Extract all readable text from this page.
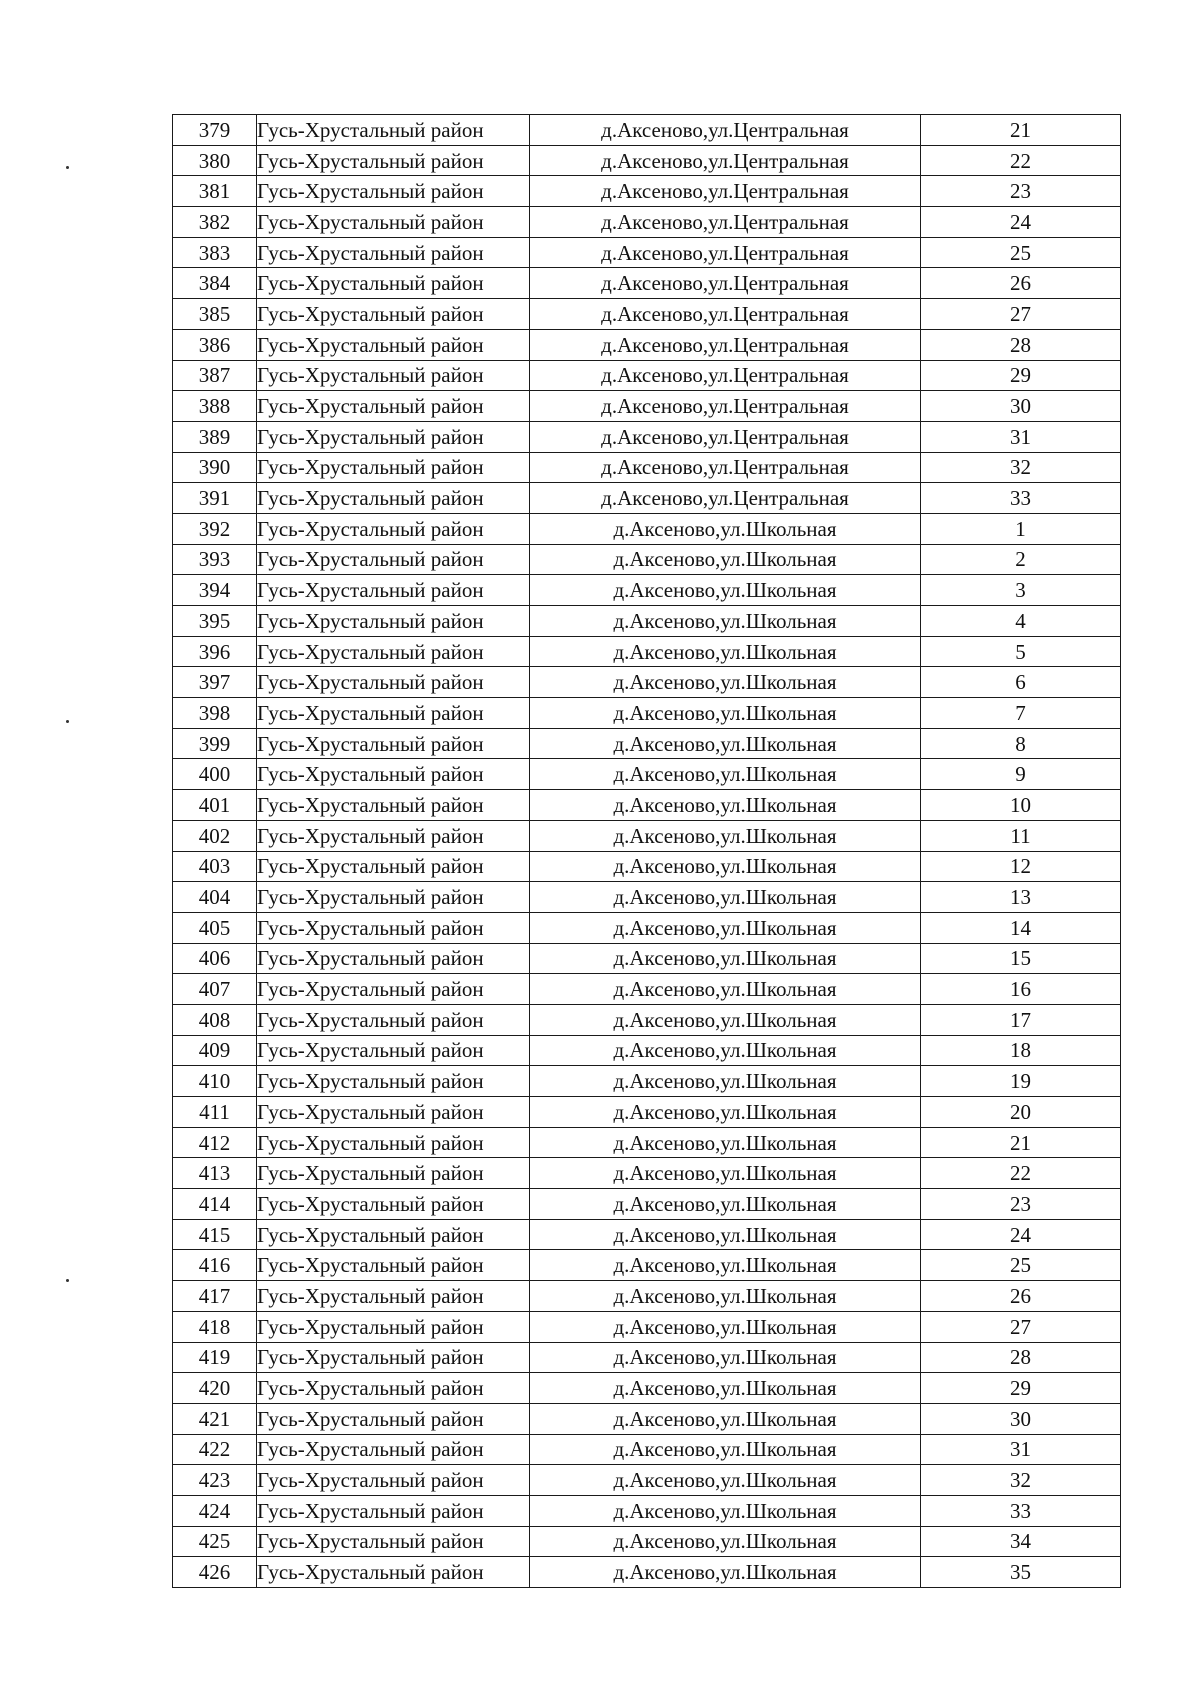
379	Гусь-Хрустальный район	д.Аксеново,ул.Центральная	21
380	Гусь-Хрустальный район	д.Аксеново,ул.Центральная	22
381	Гусь-Хрустальный район	д.Аксеново,ул.Центральная	23
382	Гусь-Хрустальный район	д.Аксеново,ул.Центральная	24
383	Гусь-Хрустальный район	д.Аксеново,ул.Центральная	25
384	Гусь-Хрустальный район	д.Аксеново,ул.Центральная	26
385	Гусь-Хрустальный район	д.Аксеново,ул.Центральная	27
386	Гусь-Хрустальный район	д.Аксеново,ул.Центральная	28
387	Гусь-Хрустальный район	д.Аксеново,ул.Центральная	29
388	Гусь-Хрустальный район	д.Аксеново,ул.Центральная	30
389	Гусь-Хрустальный район	д.Аксеново,ул.Центральная	31
390	Гусь-Хрустальный район	д.Аксеново,ул.Центральная	32
391	Гусь-Хрустальный район	д.Аксеново,ул.Центральная	33
392	Гусь-Хрустальный район	д.Аксеново,ул.Школьная	1
393	Гусь-Хрустальный район	д.Аксеново,ул.Школьная	2
394	Гусь-Хрустальный район	д.Аксеново,ул.Школьная	3
395	Гусь-Хрустальный район	д.Аксеново,ул.Школьная	4
396	Гусь-Хрустальный район	д.Аксеново,ул.Школьная	5
397	Гусь-Хрустальный район	д.Аксеново,ул.Школьная	6
398	Гусь-Хрустальный район	д.Аксеново,ул.Школьная	7
399	Гусь-Хрустальный район	д.Аксеново,ул.Школьная	8
400	Гусь-Хрустальный район	д.Аксеново,ул.Школьная	9
401	Гусь-Хрустальный район	д.Аксеново,ул.Школьная	10
402	Гусь-Хрустальный район	д.Аксеново,ул.Школьная	11
403	Гусь-Хрустальный район	д.Аксеново,ул.Школьная	12
404	Гусь-Хрустальный район	д.Аксеново,ул.Школьная	13
405	Гусь-Хрустальный район	д.Аксеново,ул.Школьная	14
406	Гусь-Хрустальный район	д.Аксеново,ул.Школьная	15
407	Гусь-Хрустальный район	д.Аксеново,ул.Школьная	16
408	Гусь-Хрустальный район	д.Аксеново,ул.Школьная	17
409	Гусь-Хрустальный район	д.Аксеново,ул.Школьная	18
410	Гусь-Хрустальный район	д.Аксеново,ул.Школьная	19
411	Гусь-Хрустальный район	д.Аксеново,ул.Школьная	20
412	Гусь-Хрустальный район	д.Аксеново,ул.Школьная	21
413	Гусь-Хрустальный район	д.Аксеново,ул.Школьная	22
414	Гусь-Хрустальный район	д.Аксеново,ул.Школьная	23
415	Гусь-Хрустальный район	д.Аксеново,ул.Школьная	24
416	Гусь-Хрустальный район	д.Аксеново,ул.Школьная	25
417	Гусь-Хрустальный район	д.Аксеново,ул.Школьная	26
418	Гусь-Хрустальный район	д.Аксеново,ул.Школьная	27
419	Гусь-Хрустальный район	д.Аксеново,ул.Школьная	28
420	Гусь-Хрустальный район	д.Аксеново,ул.Школьная	29
421	Гусь-Хрустальный район	д.Аксеново,ул.Школьная	30
422	Гусь-Хрустальный район	д.Аксеново,ул.Школьная	31
423	Гусь-Хрустальный район	д.Аксеново,ул.Школьная	32
424	Гусь-Хрустальный район	д.Аксеново,ул.Школьная	33
425	Гусь-Хрустальный район	д.Аксеново,ул.Школьная	34
426	Гусь-Хрустальный район	д.Аксеново,ул.Школьная	35
